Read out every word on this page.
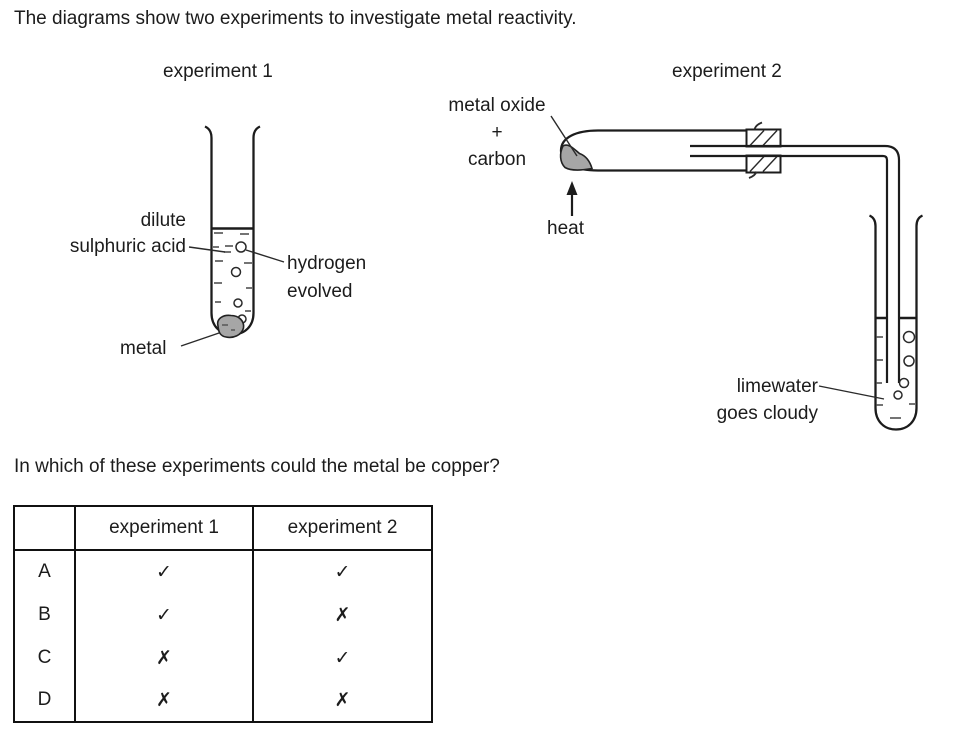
The diagrams show two experiments to investigate metal reactivity.
experiment 1	experiment 2
metal oxide
+
carbon
dilute
sulphuric acid
hydrogen
evolved
metal
heat
limewater
goes cloudy
In which of these experiments could the metal be copper?
	experiment 1	experiment 2
A	✓	✓
B	✓	✗
C	✗	✓
D	✗	✗
